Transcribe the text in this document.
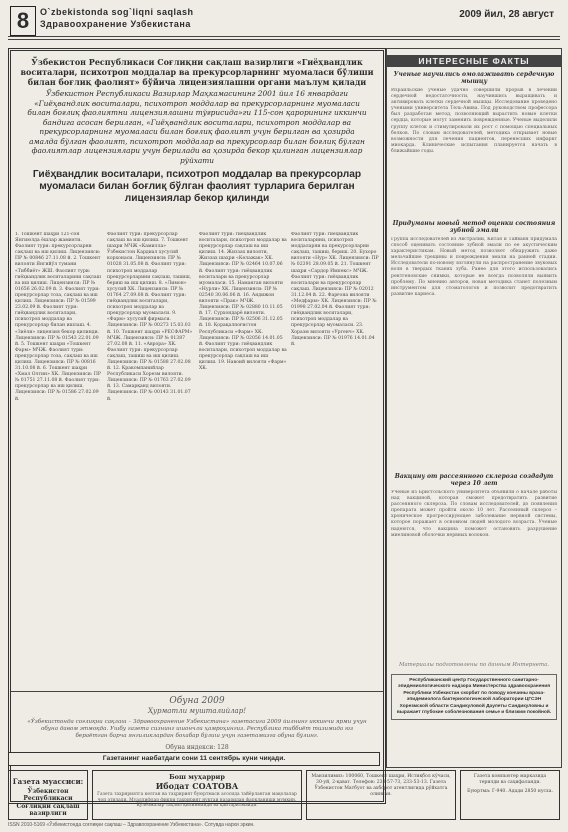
8	O`zbekistonda sog`liqni saqlash
Здравоохранение Узбекистана
2009 йил, 28 август
Ўзбекистон Республикаси Соғлиқни сақлаш вазирлиги «Гиёҳвандлик воситалари, психотроп моддалар ва прекурсорларнинг муомаласи бўлиши билан боғлиқ фаолият» бўйича лицензиялашни органи маълум қилади
Ўзбекистон Республикаси Вазирлар Маҳкамасининг 2001 йил 16 январдаги «Гиёҳвандлик воситалари, психотроп моддалар ва прекурсорларнинг муомаласи билан боғлиқ фаолиятни лицензиялашни тўғрисида»ги 115-сон қарорининг иккинчи бандига асосан берилган, «Гиёҳвандлик воситалари, психотроп моддалар ва прекурсорларнинг муомаласи билан боғлиқ фаолият учун берилган ва ҳозирда амалда бўлган фаолият, психотроп моддалар ва прекурсорлар билан боғлиқ бўлган фаолиятлар лицензиялари учун берилади ва ҳозирда бекор қилинган лицензиялар рўйхати
Гиёҳвандлик воситалари, психотроп моддалар ва прекурсорлар муомаласи билан боғлиқ бўлган фаолият турларига берилган лицензиялар бекор қилинди
1. Тошкент шаҳри 121-сон Янгиюлда ёшлар жамияти. Фаолият тури: прекурсорларни сақлаш ва иш қилиш. Лицензияси: ПР № 00846 27.11.08 й. 2. Тошкент вилояти Янгийўл тумани «Тиббиёт» ЖШ. Фаолият тури: гиёҳвандлик воситаларини сақлаш ва иш қилиш. Лицензияси: ПР № 01656 26.02.09 й. 3. Фаолият тури: прекурсорлар тоза, сақлаш ва иш қилиш. Лицензияси: ПР № 01599 23.02.09 й. Фаолият тури: гиёҳвандлик воситалари, психотроп моддалар ва прекурсорлар билан ишлаш. 4. «Зиёли» лицензия бекор қилинди. Лицензияси: ПР № 01543 22.01.09 й. 5. Тошкент шаҳри «Тошкент Фарм» МЧЖ. Фаолият тури: прекурсорлар тоза, сақлаш ва иш қилиш. Лицензияси: ПР № 00816 31.10.08 й. 6. Тошкент шаҳри «Хмал Олтин» ХК. Лицензияси: ПР № 01751 27.11.08 й. Фаолият тури: прекурсорлар ва иш қилиш. Лицензияси: ПР № 01586 27.02.09 й.
Фаолият тури: прекурсорлар сақлаш ва иш қилиш. 7. Тошкент шаҳри МЧЖ «Камилла» Ўзбекистон Кардиал хусусий корхонаси. Лицензияси: ПР № 01028 31.05.08 й. Фаолият тури: психотроп моддалар прекурсорларини сақлаш, ташиш, бериш ва иш қилиш. 8. «Лимон» хусусий ХК. Лицензияси: ПР № 01764 27.09.08 й. Фаолият тури: гиёҳвандлик воситалари, психотроп моддалар ва прекурсорлар муомаласи. 9. «Фарм» хусусий фирмаси. Лицензияси: ПР № 00273 15.03.03 й. 10. Тошкент шаҳри «РЕСФАРМ» МЧЖ. Лицензияси: ПР № 01387 27.02.08 й. 11. «Аврора» ХК. Фаолият тури: прекурсорлар сақлаш, ташиш ва иш қилиш. Лицензияси: ПР № 01588 27.02.08 й. 12. Кракомпанийлар Республикаси Хорезм вилояти. Лицензияси: ПР № 01763 27.02.09 й. 13. Самарқанд вилояти. Лицензияси: ПР № 00143 31.01.07 й.
Фаолият тури: гиёҳвандлик воситалари, психотроп моддалар ва прекурсорлар сақлаш ва иш қилиш. 14. Жиззах вилояти, Жиззах шаҳри «Келажак» ХК. Лицензияси: ПР № 02464 10.07.06 й. Фаолият тури: гиёҳвандлик воситалари ва прекурсорлар муомаласи. 15. Наманган вилояти «Нурли» ХК. Лицензияси: ПР № 02540 30.06.06 й. 16. Андижон вилояти «Прак» МЧЖ. Лицензияси: ПР № 02880 10.11.05 й. 17. Сурхондарё вилояти. Лицензияси: ПР № 02506 31.12.05 й. 18. Қорақалпоғистон Республикаси «Фарм» ХК. Лицензияси: ПР № 02056 14.01.05 й. Фаолият тури: гиёҳвандлик воситалари, психотроп моддалар ва прекурсорлар сақлаш ва иш қилиш. 19. Навоий вилояти «Фарм» ХК.
Фаолият тури: гиёҳвандлик воситаларини, психотроп моддаларни ва прекурсорларни сақлаш, ташиш, бериш. 20. Бухоро вилояти «Нур» ХК. Лицензияси: ПР № 02391 28.09.05 й. 21. Тошкент шаҳри «Сардор Импекс» МЧЖ. Фаолият тури: гиёҳвандлик воситалари ва прекурсорлар сақлаш. Лицензияси: ПР № 02012 31.12.04 й. 22. Фарғона вилояти «Медфарм» ХК. Лицензияси: ПР № 01998 27.02.04 й. Фаолият тури: гиёҳвандлик воситалари, психотроп моддалар ва прекурсорлар муомаласи. 23. Хоразм вилояти «Ургенч» ХК. Лицензияси: ПР № 01976 14.01.04 й.
Обуна 2009
Ҳурматли мушталийлар!
«Ўзбекистонда соғлиқни сақлаш – Здравоохранение Узбекистана» газетасига 2009 йилнинг иккинчи ярми учун обуна давом этмоқда. Ушбу газета сизнинг ишончли ҳамроҳингиз. Республика тиббиёт тизимида юз бераётган барча янгиликлардан бохабар бўлиш учун газетамизга обуна бўлинг.
Обуна индекси: 128
ИНТЕРЕСНЫЕ ФАКТЫ
Ученые научились омолаживать сердечную мышцу
Израильские ученые удачно совершили прорыв в лечении сердечной недостаточности, научившись выращивать и активировать клетки сердечной мышцы. Исследование проведено учеными университета Тель-Авива. Под руководством профессора был разработан метод, позволяющий вырастить новые клетки сердца, которые могут заменить поврежденные. Ученые выделили группу клеток и стимулировали их рост с помощью специальных белков. По словам исследователей, методика открывает новые возможности для лечения пациентов, перенесших инфаркт миокарда. Клинические испытания планируется начать в ближайшие годы.
Придуманы новый метод оценки состояния зубной эмали
Группа исследователей из Австралии, Китая и Тайваня придумала способ оценивать состояние зубной эмали по ее акустическим характеристикам. Новый метод позволяет обнаружить даже мельчайшие трещины и повреждения эмали на ранней стадии. Исследователи по-новому взглянули на распространение звуковых волн в твердых тканях зуба. Ранее для этого использовались рентгеновские снимки, которые не всегда позволяли выявить проблему. По мнению авторов, новая методика станет полезным инструментом для стоматологов и позволит предотвратить развитие кариеса.
Вакцину от рассеянного склероза создадут через 10 лет
Ученые из Бристольского университета объявили о начале работы над вакциной, которая сможет предотвратить развитие рассеянного склероза. По словам исследователей, до появления препарата может пройти около 10 лет. Рассеянный склероз – хроническое прогрессирующее заболевание нервной системы, которое поражает в основном людей молодого возраста. Ученые надеются, что вакцина поможет остановить разрушение миелиновой оболочки нервных волокон.
Материалы подготовлены по данным Интернета.
Республиканский центр Государственного санитарно-эпидемиологического надзора Министерства здравоохранения Республики Узбекистан скорбит по поводу кончины врача-эпидемиолога бактериологической лаборатории ЦГСЭН Хорезмской области Сандикуловой Даулеты Сандикуловны и выражает глубокие соболезнования семье и близким покойной.
Газетанинг навбатдаги сони 11 сентябрь куни чиқади.
Газета муассиси:
Ўзбекистон Республикаси Соғлиқни сақлаш вазирлиги
Бош муҳаррир
Ибодат СОАТОВА
Газета таҳририятга келган ва таҳририят буюртмаси асосида тайёрланган мақолалар чоп этилади. Муаллифлар фикри таҳририят нуқтаи назаридан фарқланиши мумкин. Қўлёзмалар таҳлил қилинмайди ва қайтарилмайди.
Манзилимиз: 100060, Тошкент шаҳри, Истиқбол кўчаси, 30-уй, 2-қават. Телефон: 233-57-73, 233-53-13. Газета Ўзбекистон Матбуот ва ахборот агентлигида рўйхатга олинган.
Газета компьютер марказида терилди ва саҳифаланди.
Буюртма: Г-940. Адади 2850 нусха.
ISSN 2010-5169 «Ўзбекистонда соғлиқни сақлаш – Здравоохранение Узбекистана». Сотувда нархи эркин.
